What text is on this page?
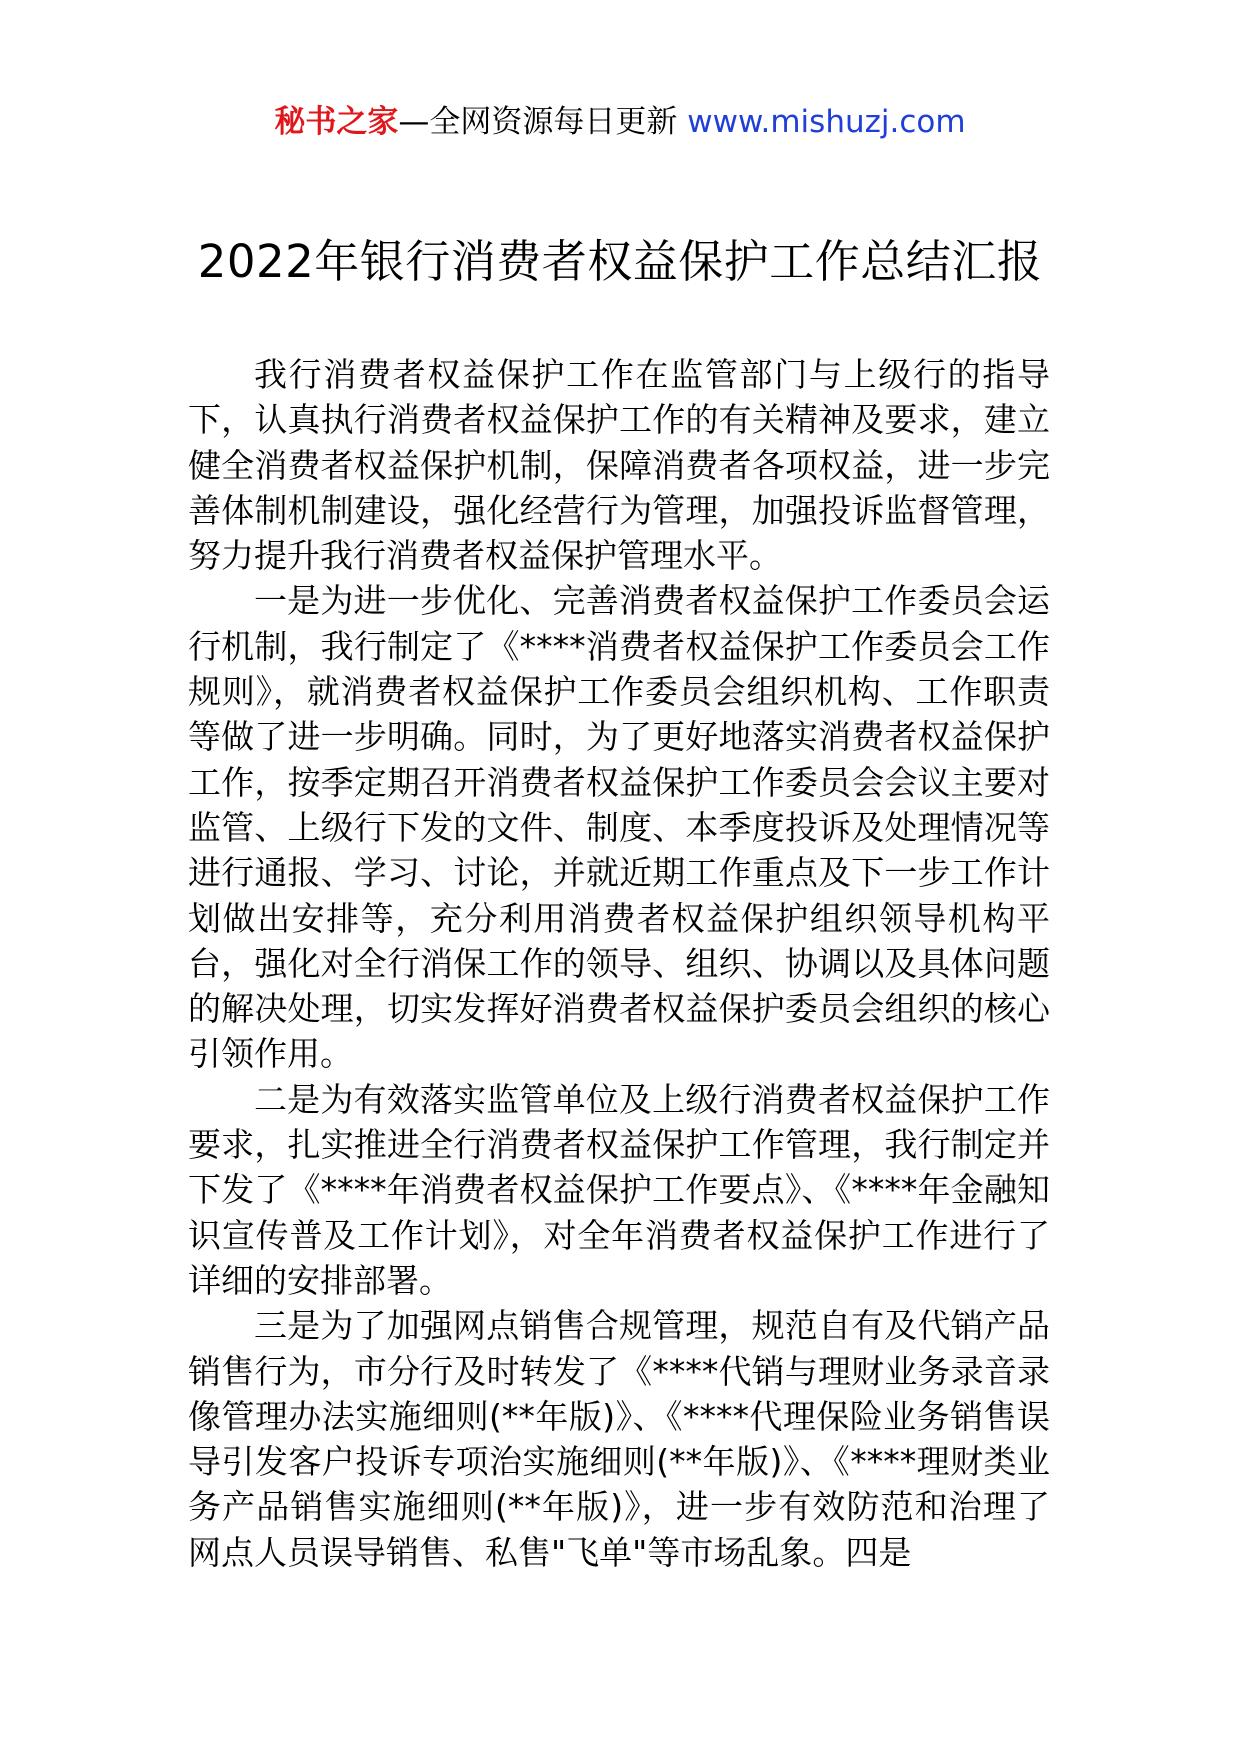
秘书之家—全网资源每日更新 www.mishuzj.com
2022年银行消费者权益保护工作总结汇报

我行消费者权益保护工作在监管部门与上级行的指导下，认真执行消费者权益保护工作的有关精神及要求，建立健全消费者权益保护机制，保障消费者各项权益，进一步完善体制机制建设，强化经营行为管理，加强投诉监督管理，努力提升我行消费者权益保护管理水平。

一是为进一步优化、完善消费者权益保护工作委员会运行机制，我行制定了《****消费者权益保护工作委员会工作规则》，就消费者权益保护工作委员会组织机构、工作职责等做了进一步明确。同时，为了更好地落实消费者权益保护工作，按季定期召开消费者权益保护工作委员会会议主要对监管、上级行下发的文件、制度、本季度投诉及处理情况等进行通报、学习、讨论，并就近期工作重点及下一步工作计划做出安排等，充分利用消费者权益保护组织领导机构平台，强化对全行消保工作的领导、组织、协调以及具体问题的解决处理，切实发挥好消费者权益保护委员会组织的核心引领作用。

二是为有效落实监管单位及上级行消费者权益保护工作要求，扎实推进全行消费者权益保护工作管理，我行制定并下发了《****年消费者权益保护工作要点》、《****年金融知识宣传普及工作计划》，对全年消费者权益保护工作进行了详细的安排部署。

三是为了加强网点销售合规管理，规范自有及代销产品销售行为，市分行及时转发了《****代销与理财业务录音录像管理办法实施细则(**年版)》、《****代理保险业务销售误导引发客户投诉专项治实施细则(**年版)》、《****理财类业务产品销售实施细则(**年版)》，进一步有效防范和治理了网点人员误导销售、私售"飞单"等市场乱象。四是
